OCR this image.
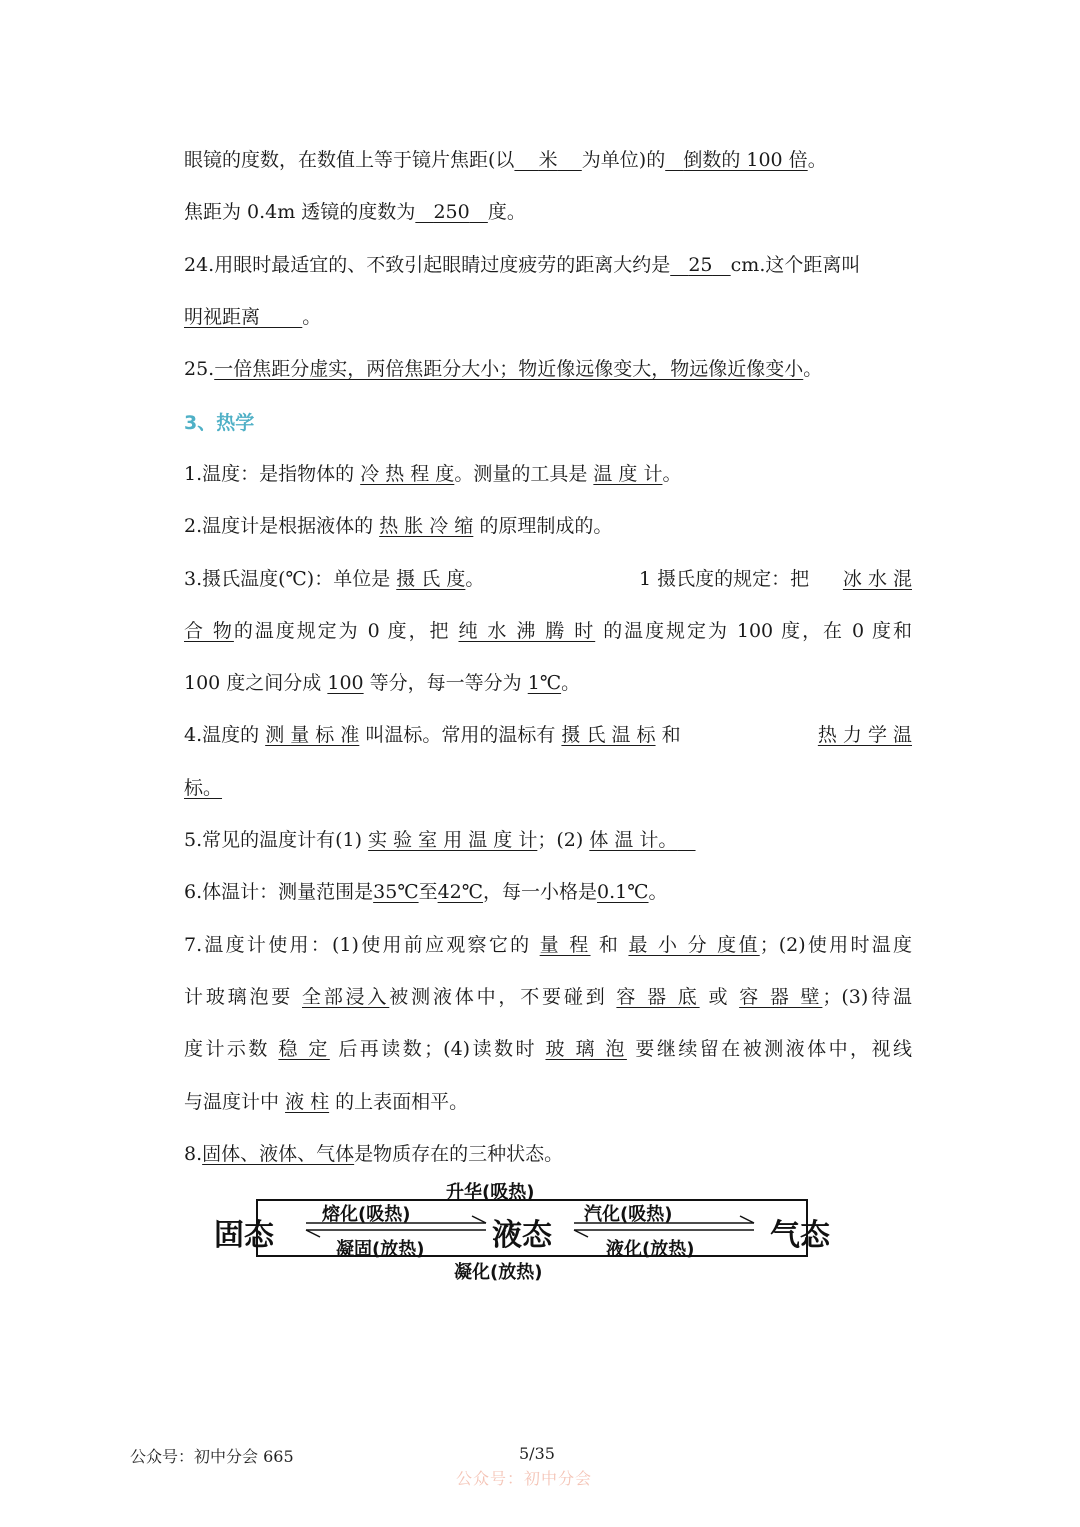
眼镜的度数，在数值上等于镜片焦距(以 米 为单位)的 倒数的 100 倍。
焦距为 0.4m 透镜的度数为 250 度。
24.用眼时最适宜的、不致引起眼睛过度疲劳的距离大约是 25 cm.这个距离叫
明视距离 。
25.一倍焦距分虚实，两倍焦距分大小；物近像远像变大，物远像近像变小。
3、热学
1.温度：是指物体的 冷 热 程 度。测量的工具是 温 度 计。
2.温度计是根据液体的 热 胀 冷 缩 的原理制成的。
3.摄氏温度(℃)：单位是 摄 氏 度。	1 摄氏度的规定：把 冰 水 混
合 物的温度规定为 0 度，把 纯 水 沸 腾 时 的温度规定为 100 度，在 0 度和
100 度之间分成 100 等分，每一等分为 1℃。
4.温度的 测 量 标 准 叫温标。常用的温标有 摄 氏 温 标 和	热 力 学 温
标。
5.常见的温度计有(1) 实 验 室 用 温 度 计；(2) 体 温 计。
6.体温计：测量范围是35℃至42℃，每一小格是0.1℃。
7.温度计使用：(1)使用前应观察它的 量 程 和 最 小 分 度值；(2)使用时温度
计玻璃泡要 全部浸入被测液体中，不要碰到 容 器 底 或 容 器 壁；(3)待温
度计示数 稳 定 后再读数；(4)读数时 玻 璃 泡 要继续留在被测液体中，视线
与温度计中 液 柱 的上表面相平。
8.固体、液体、气体是物质存在的三种状态。
固态	液态	气态
升华(吸热)
熔化(吸热)
凝固(放热)
汽化(吸热)
液化(放热)
凝化(放热)
公众号：初中分会 665	5/35
公众号：初中分会
